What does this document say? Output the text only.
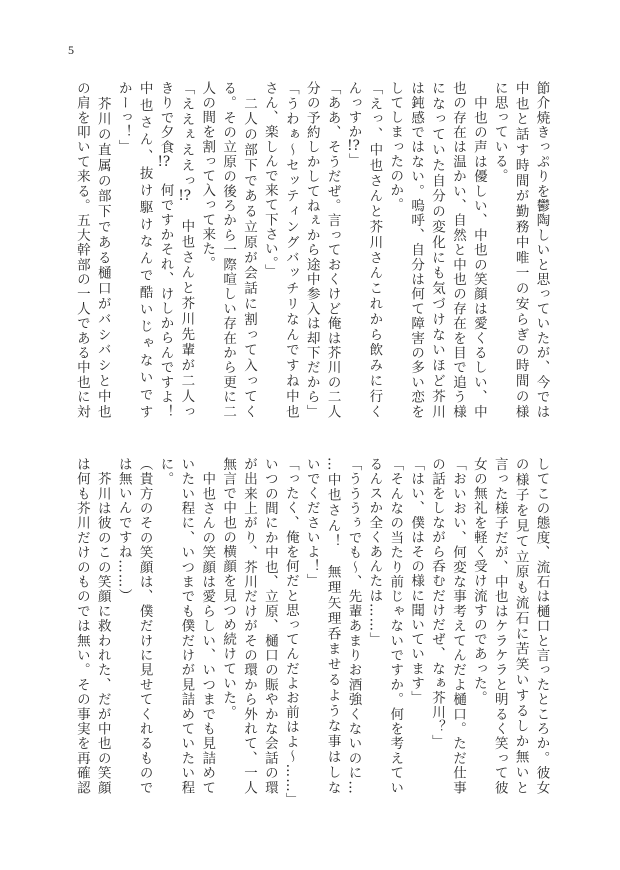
5

節介焼きっぷりを鬱陶しいと思っていたが、今では

中也と話す時間が勤務中唯一の安らぎの時間の様

に思っている。

　中也の声は優しい、中也の笑顔は愛くるしい、中

也の存在は温かい、自然と中也の存在を目で追う様

になっていた自分の変化にも気づけないほど芥川

は鈍感ではない。嗚呼、自分は何て障害の多い恋を

してしまったのか。

「えっ、中也さんと芥川さんこれから飲みに行く

んっすか!?」

「ああ、そうだぜ。言っておくけど俺は芥川の二人

分の予約しかしてねぇから途中参入は却下だから」

「うわぁ～セッティングバッチリなんですね中也

さん、楽しんで来て下さい。」

　二人の部下である立原が会話に割って入ってく

る。その立原の後ろから一際喧しい存在から更に二

人の間を割って入って来た。

「ええぇええっ!?　中也さんと芥川先輩が二人っ

きりで夕食!?　何ですかそれ、けしからんですよ！

中也さん、抜け駆けなんで酷いじゃないです

かーっ！」

　芥川の直属の部下である樋口がバシバシと中也

の肩を叩いて来る。五大幹部の一人である中也に対

してこの態度、流石は樋口と言ったところか。彼女

の様子を見て立原も流石に苦笑いするしか無いと

言った様子だが、中也はケラケラと明るく笑って彼

女の無礼を軽く受け流すのであった。

「おいおい、何変な事考えてんだよ樋口。ただ仕事

の話をしながら呑むだけだぜ、なぁ芥川？」

「はい、僕はその様に聞いています」

「そんなの当たり前じゃないですか。何を考えてい

るんスか全くあんたは……」

「うううぅでも～、先輩あまりお酒強くないのに…

…中也さん！　無理矢理呑ませるような事はしな

いでくださいよ！」

「ったく、俺を何だと思ってんだよお前はよ～……」

いつの間にか中也、立原、樋口の賑やかな会話の環

が出来上がり、芥川だけがその環から外れて、一人

無言で中也の横顔を見つめ続けていた。

　中也さんの笑顔は愛らしい、いつまでも見詰めて

いたい程に、いつまでも僕だけが見詰めていたい程

に。

（貴方のその笑顔は、僕だけに見せてくれるもので

は無いんですね……）

　芥川は彼のこの笑顔に救われた、だが中也の笑顔

は何も芥川だけのものでは無い。その事実を再確認
